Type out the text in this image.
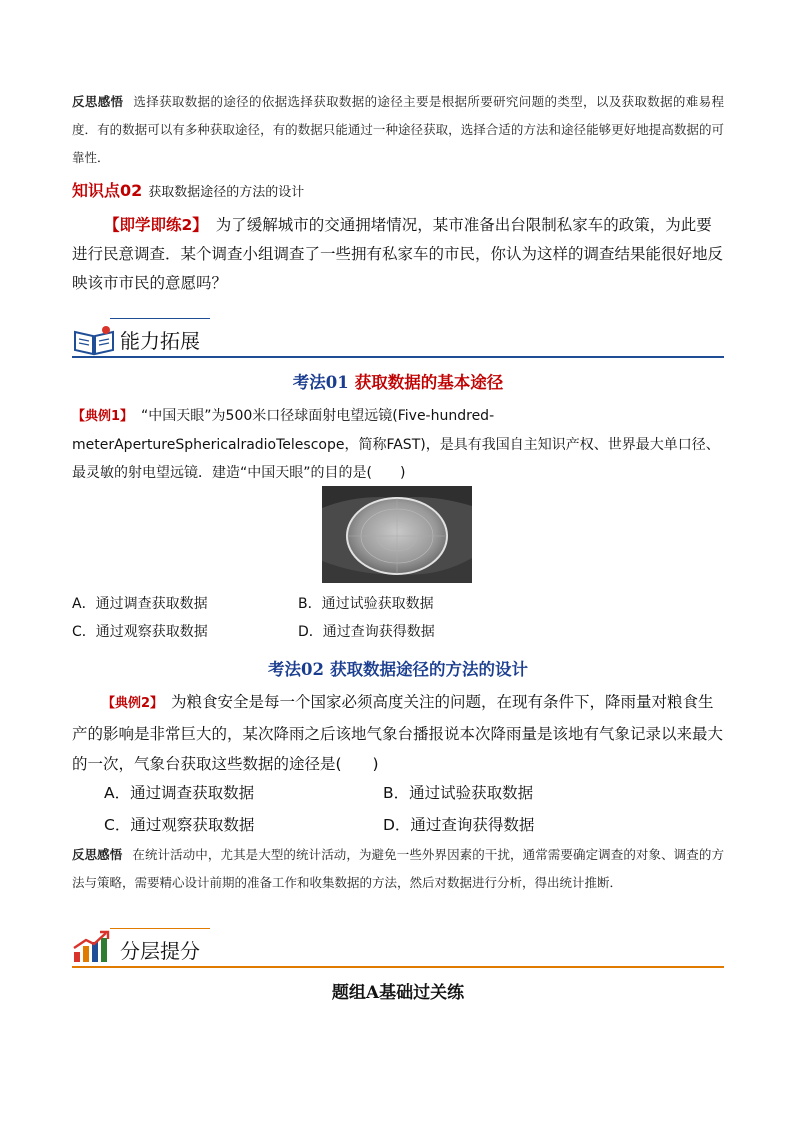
反思感悟 选择获取数据的途径的依据选择获取数据的途径主要是根据所要研究问题的类型，以及获取数据的难易程度．有的数据可以有多种获取途径，有的数据只能通过一种途径获取，选择合适的方法和途径能够更好地提高数据的可靠性．
知识点02 获取数据途径的方法的设计
【即学即练2】 为了缓解城市的交通拥堵情况，某市准备出台限制私家车的政策，为此要进行民意调查．某个调查小组调查了一些拥有私家车的市民，你认为这样的调查结果能很好地反映该市市民的意愿吗？
能力拓展
考法01 获取数据的基本途径
【典例1】 “中国天眼”为500米口径球面射电望远镜(Five-hundred-meterApertureSphericalradioTelescope，简称FAST)，是具有我国自主知识产权、世界最大单口径、最灵敏的射电望远镜．建造“中国天眼”的目的是(　　)
A．通过调查获取数据	B．通过试验获取数据
C．通过观察获取数据	D．通过查询获得数据
考法02 获取数据途径的方法的设计
【典例2】 为粮食安全是每一个国家必须高度关注的问题，在现有条件下，降雨量对粮食生产的影响是非常巨大的，某次降雨之后该地气象台播报说本次降雨量是该地有气象记录以来最大的一次，气象台获取这些数据的途径是(　　)
A．通过调查获取数据	B．通过试验获取数据
C．通过观察获取数据	D．通过查询获得数据
反思感悟 在统计活动中，尤其是大型的统计活动，为避免一些外界因素的干扰，通常需要确定调查的对象、调查的方法与策略，需要精心设计前期的准备工作和收集数据的方法，然后对数据进行分析，得出统计推断．
分层提分
题组A基础过关练
